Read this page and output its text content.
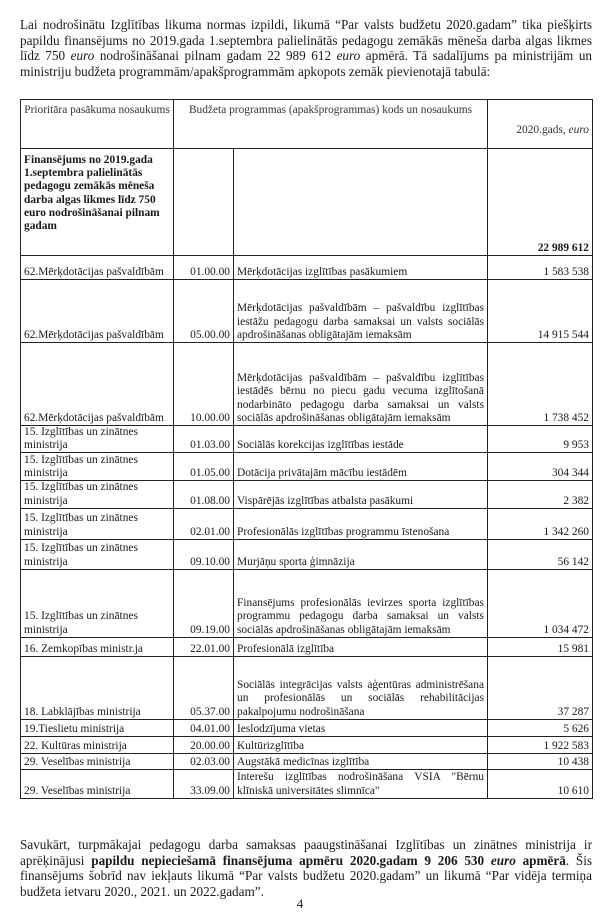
Lai nodrošinātu Izglītības likuma normas izpildi, likumā “Par valsts budžetu 2020.gadam” tika piešķirts papildu finansējums no 2019.gada 1.septembra palielinātās pedagogu zemākās mēneša darba algas likmes līdz 750 euro nodrošināšanai pilnam gadam 22 989 612 euro apmērā. Tā sadalījums pa ministrijām un ministriju budžeta programmām/apakšprogrammām apkopots zemāk pievienotajā tabulā:

Prioritāra pasākuma nosaukums	Budžeta programmas (apakšprogrammas) kods un nosaukums		2020.gads, euro
Finansējums no 2019.gada 1.septembra palielinātās pedagogu zemākās mēneša darba algas likmes līdz 750 euro nodrošināšanai pilnam gadam			22 989 612
62.Mērķdotācijas pašvaldībām	01.00.00	Mērķdotācijas izglītības pasākumiem	1 583 538
62.Mērķdotācijas pašvaldībām	05.00.00	Mērķdotācijas pašvaldībām – pašvaldību izglītības iestāžu pedagogu darba samaksai un valsts sociālās apdrošināšanas obligātajām iemaksām	14 915 544
62.Mērķdotācijas pašvaldībām	10.00.00	Mērķdotācijas pašvaldībām – pašvaldību izglītības iestādēs bērnu no piecu gadu vecuma izglītošanā nodarbināto pedagogu darba samaksai un valsts sociālās apdrošināšanas obligātajām iemaksām	1 738 452
15. Izglītības un zinātnes ministrija	01.03.00	Sociālās korekcijas izglītības iestāde	9 953
15. Izglītības un zinātnes ministrija	01.05.00	Dotācija privātajām mācību iestādēm	304 344
15. Izglītības un zinātnes ministrija	01.08.00	Vispārējās izglītības atbalsta pasākumi	2 382
15. Izglītības un zinātnes ministrija	02.01.00	Profesionālās izglītības programmu īstenošana	1 342 260
15. Izglītības un zinātnes ministrija	09.10.00	Murjāņu sporta ģimnāzija	56 142
15. Izglītības un zinātnes ministrija	09.19.00	Finansējums profesionālās ievirzes sporta izglītības programmu pedagogu darba samaksai un valsts sociālās apdrošināšanas obligātajām iemaksām	1 034 472
16. Zemkopības ministr.ja	22.01.00	Profesionālā izglītība	15 981
18. Labklājības ministrija	05.37.00	Sociālās integrācijas valsts aģentūras administrēšana un profesionālās un sociālās rehabilitācijas pakalpojumu nodrošināšana	37 287
19.Tieslietu ministrija	04.01.00	Ieslodzījuma vietas	5 626
22. Kultūras ministrija	20.00.00	Kultūrizglītība	1 922 583
29. Veselības ministrija	02.03.00	Augstākā medicīnas izglītība	10 438
29. Veselības ministrija	33.09.00	Interešu izglītības nodrošināšana VSIA "Bērnu klīniskā universitātes slimnīca"	10 610

Savukārt, turpmākajai pedagogu darba samaksas paaugstināšanai Izglītības un zinātnes ministrija ir aprēķinājusi papildu nepieciešamā finansējuma apmēru 2020.gadam 9 206 530 euro apmērā. Šis finansējums šobrīd nav iekļauts likumā “Par valsts budžetu 2020.gadam” un likumā “Par vidēja termiņa budžeta ietvaru 2020., 2021. un 2022.gadam”.

4
